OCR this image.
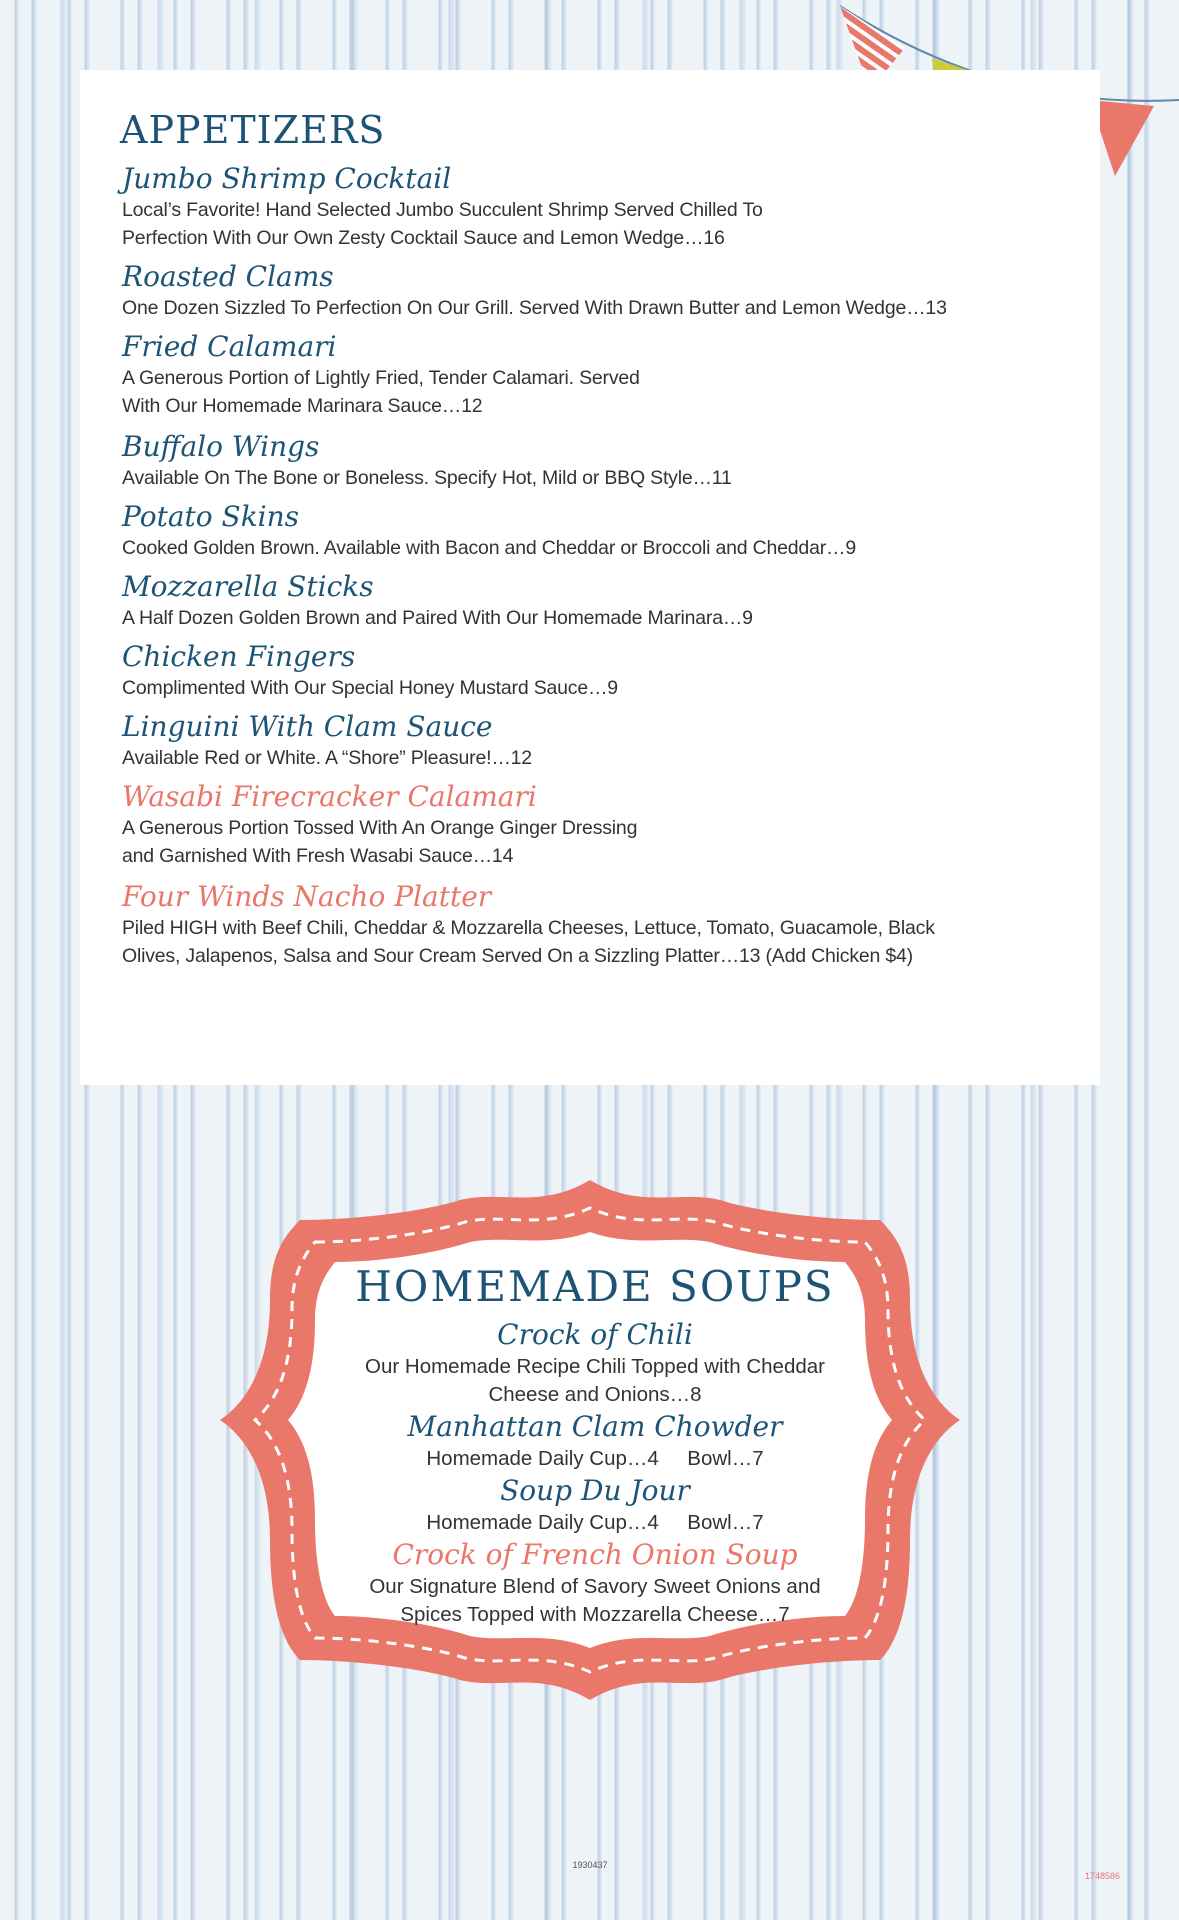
APPETIZERS
Jumbo Shrimp Cocktail
Local’s Favorite! Hand Selected Jumbo Succulent Shrimp Served Chilled To
Perfection With Our Own Zesty Cocktail Sauce and Lemon Wedge…16
Roasted Clams
One Dozen Sizzled To Perfection On Our Grill. Served With Drawn Butter and Lemon Wedge…13
Fried Calamari
A Generous Portion of Lightly Fried, Tender Calamari. Served
With Our Homemade Marinara Sauce…12
Buffalo Wings
Available On The Bone or Boneless. Specify Hot, Mild or BBQ Style…11
Potato Skins
Cooked Golden Brown. Available with Bacon and Cheddar or Broccoli and Cheddar…9
Mozzarella Sticks
A Half Dozen Golden Brown and Paired With Our Homemade Marinara…9
Chicken Fingers
Complimented With Our Special Honey Mustard Sauce…9
Linguini With Clam Sauce
Available Red or White. A “Shore” Pleasure!…12
Wasabi Firecracker Calamari
A Generous Portion Tossed With An Orange Ginger Dressing
and Garnished With Fresh Wasabi Sauce…14
Four Winds Nacho Platter
Piled HIGH with Beef Chili, Cheddar & Mozzarella Cheeses, Lettuce, Tomato, Guacamole, Black
Olives, Jalapenos, Salsa and Sour Cream Served On a Sizzling Platter…13 (Add Chicken $4)
HOMEMADE SOUPS
Crock of Chili
Our Homemade Recipe Chili Topped with Cheddar
Cheese and Onions…8
Manhattan Clam Chowder
Homemade Daily Cup…4     Bowl…7
Soup Du Jour
Homemade Daily Cup…4     Bowl…7
Crock of French Onion Soup
Our Signature Blend of Savory Sweet Onions and
Spices Topped with Mozzarella Cheese…7
1930437
1748586
